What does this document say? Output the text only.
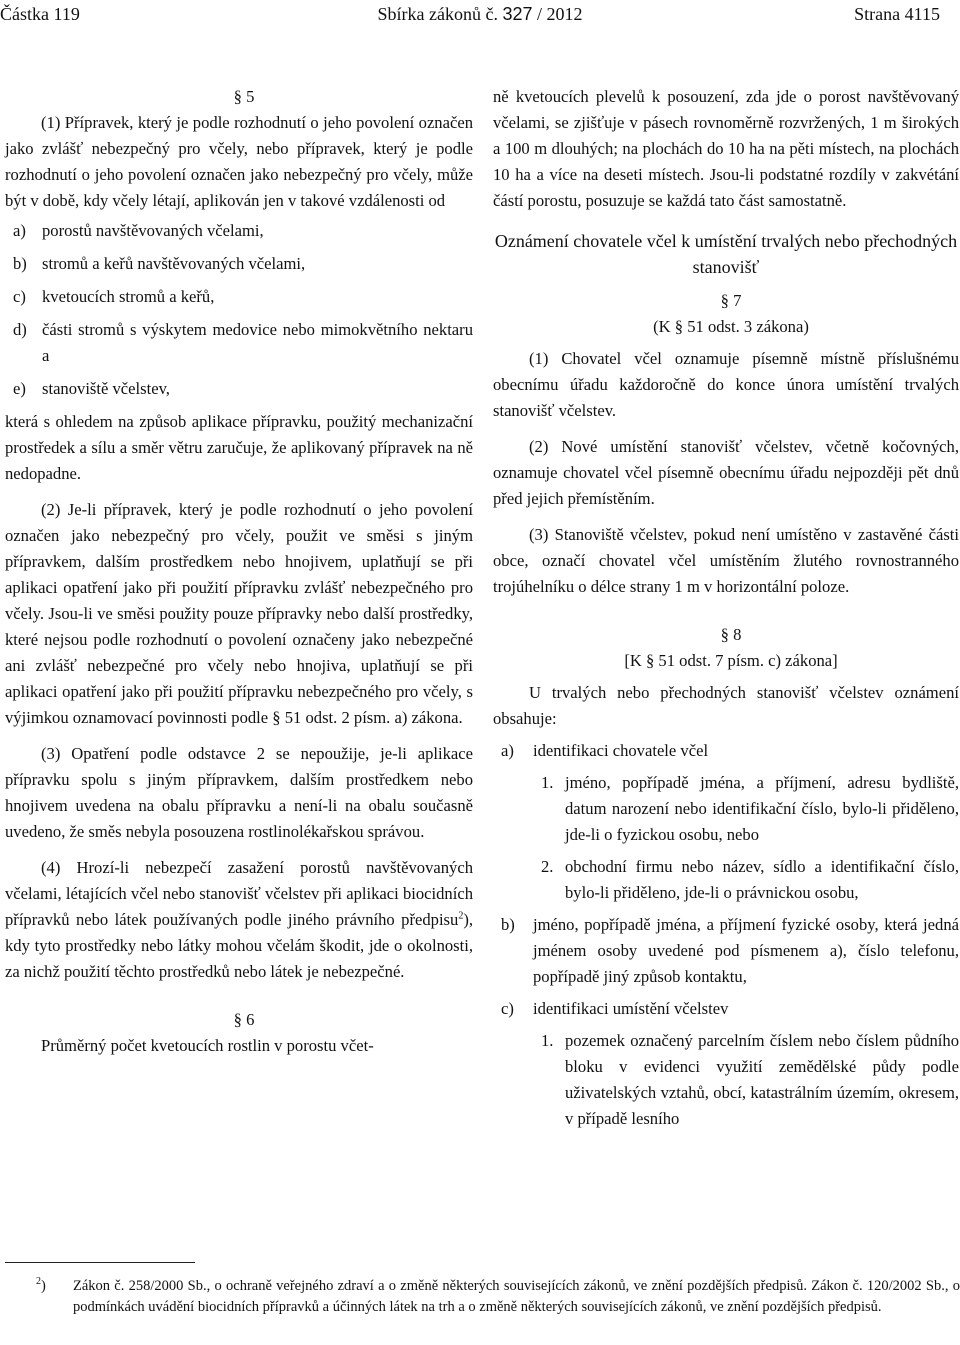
Částka 119	Sbírka zákonů č. 327 / 2012	Strana 4115

§ 5

(1) Přípravek, který je podle rozhodnutí o jeho povolení označen jako zvlášť nebezpečný pro včely, nebo přípravek, který je podle rozhodnutí o jeho povolení označen jako nebezpečný pro včely, může být v době, kdy včely létají, aplikován jen v takové vzdálenosti od

a) porostů navštěvovaných včelami,
b) stromů a keřů navštěvovaných včelami,
c) kvetoucích stromů a keřů,
d) části stromů s výskytem medovice nebo mimokvětního nektaru a
e) stanoviště včelstev,

která s ohledem na způsob aplikace přípravku, použitý mechanizační prostředek a sílu a směr větru zaručuje, že aplikovaný přípravek na ně nedopadne.

(2) Je-li přípravek, který je podle rozhodnutí o jeho povolení označen jako nebezpečný pro včely, použit ve směsi s jiným přípravkem, dalším prostředkem nebo hnojivem, uplatňují se při aplikaci opatření jako při použití přípravku zvlášť nebezpečného pro včely. Jsou-li ve směsi použity pouze přípravky nebo další prostředky, které nejsou podle rozhodnutí o povolení označeny jako nebezpečné ani zvlášť nebezpečné pro včely nebo hnojiva, uplatňují se při aplikaci opatření jako při použití přípravku nebezpečného pro včely, s výjimkou oznamovací povinnosti podle § 51 odst. 2 písm. a) zákona.

(3) Opatření podle odstavce 2 se nepoužije, je-li aplikace přípravku spolu s jiným přípravkem, dalším prostředkem nebo hnojivem uvedena na obalu přípravku a není-li na obalu současně uvedeno, že směs nebyla posouzena rostlinolékařskou správou.

(4) Hrozí-li nebezpečí zasažení porostů navštěvovaných včelami, létajících včel nebo stanovišť včelstev při aplikaci biocidních přípravků nebo látek používaných podle jiného právního předpisu$^2$), kdy tyto prostředky nebo látky mohou včelám škodit, jde o okolnosti, za nichž použití těchto prostředků nebo látek je nebezpečné.

§ 6

Průměrný počet kvetoucích rostlin v porostu včet-

ně kvetoucích plevelů k posouzení, zda jde o porost navštěvovaný včelami, se zjišťuje v pásech rovnoměrně rozvržených, 1 m širokých a 100 m dlouhých; na plochách do 10 ha na pěti místech, na plochách 10 ha a více na deseti místech. Jsou-li podstatné rozdíly v zakvétání částí porostu, posuzuje se každá tato část samostatně.

Oznámení chovatele včel k umístění trvalých nebo přechodných stanovišť

§ 7

(K § 51 odst. 3 zákona)

(1) Chovatel včel oznamuje písemně místně příslušnému obecnímu úřadu každoročně do konce února umístění trvalých stanovišť včelstev.

(2) Nové umístění stanovišť včelstev, včetně kočovných, oznamuje chovatel včel písemně obecnímu úřadu nejpozději pět dnů před jejich přemístěním.

(3) Stanoviště včelstev, pokud není umístěno v zastavěné části obce, označí chovatel včel umístěním žlutého rovnostranného trojúhelníku o délce strany 1 m v horizontální poloze.

§ 8

[K § 51 odst. 7 písm. c) zákona]

U trvalých nebo přechodných stanovišť včelstev oznámení obsahuje:

a)	identifikaci chovatele včel
1. jméno, popřípadě jména, a příjmení, adresu bydliště, datum narození nebo identifikační číslo, bylo-li přiděleno, jde-li o fyzickou osobu, nebo
2. obchodní firmu nebo název, sídlo a identifikační číslo, bylo-li přiděleno, jde-li o právnickou osobu,
b)	jméno, popřípadě jména, a příjmení fyzické osoby, která jedná jménem osoby uvedené pod písmenem a), číslo telefonu, popřípadě jiný způsob kontaktu,
c)	identifikaci umístění včelstev
1. pozemek označený parcelním číslem nebo číslem půdního bloku v evidenci využití zemědělské půdy podle uživatelských vztahů, obcí, katastrálním územím, okresem, v případě lesního
$^2$)	Zákon č. 258/2000 Sb., o ochraně veřejného zdraví a o změně některých souvisejících zákonů, ve znění pozdějších předpisů. Zákon č. 120/2002 Sb., o podmínkách uvádění biocidních přípravků a účinných látek na trh a o změně některých souvisejících zákonů, ve znění pozdějších předpisů.
